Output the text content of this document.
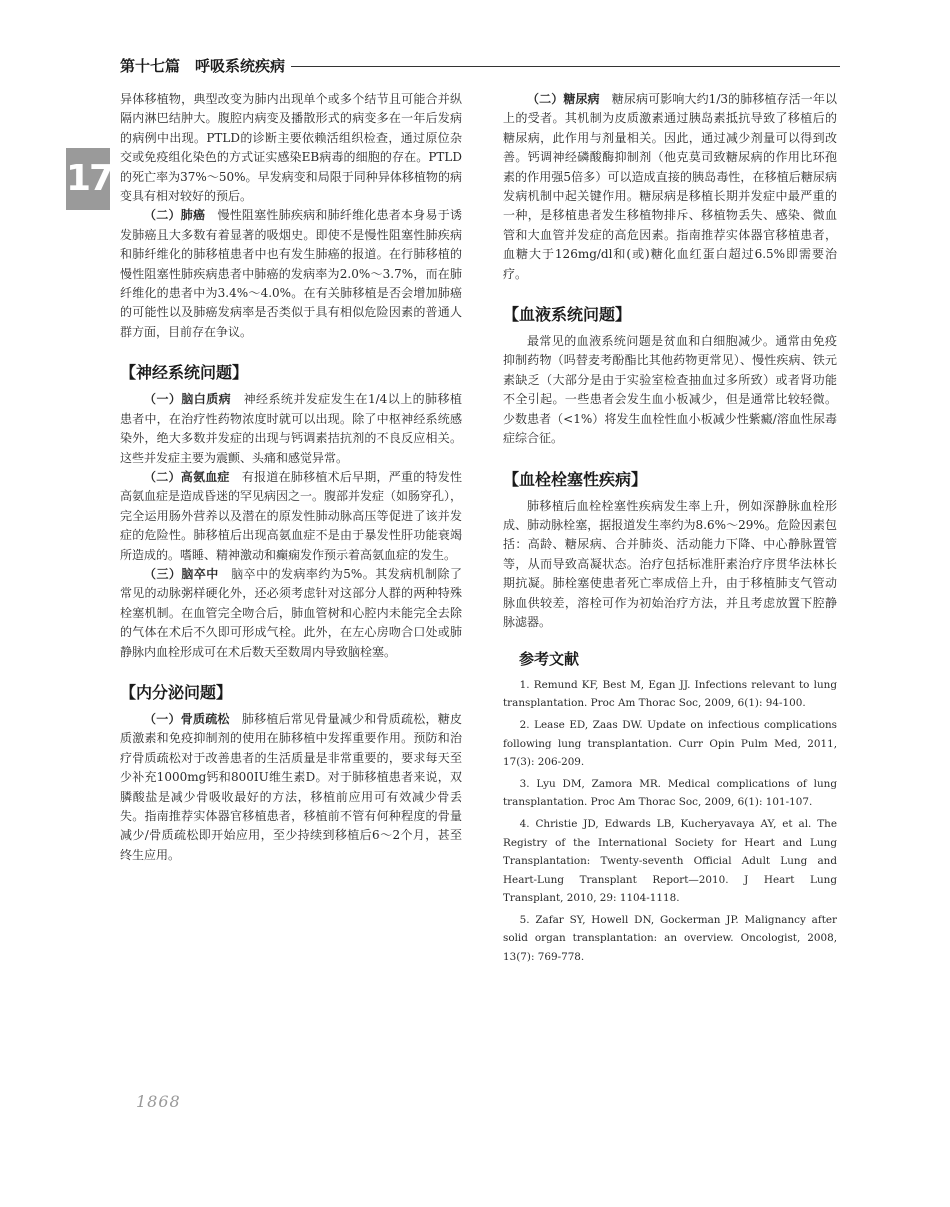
第十七篇　呼吸系统疾病
17

异体移植物，典型改变为肺内出现单个或多个结节且可能合并纵隔内淋巴结肿大。腹腔内病变及播散形式的病变多在一年后发病的病例中出现。PTLD的诊断主要依赖活组织检查，通过原位杂交或免疫组化染色的方式证实感染EB病毒的细胞的存在。PTLD的死亡率为37%～50%。早发病变和局限于同种异体移植物的病变具有相对较好的预后。

（二）肺癌　 慢性阻塞性肺疾病和肺纤维化患者本身易于诱发肺癌且大多数有着显著的吸烟史。即使不是慢性阻塞性肺疾病和肺纤维化的肺移植患者中也有发生肺癌的报道。在行肺移植的慢性阻塞性肺疾病患者中肺癌的发病率为2.0%～3.7%，而在肺纤维化的患者中为3.4%～4.0%。在有关肺移植是否会增加肺癌的可能性以及肺癌发病率是否类似于具有相似危险因素的普通人群方面，目前存在争议。

【神经系统问题】

（一）脑白质病　 神经系统并发症发生在1/4以上的肺移植患者中，在治疗性药物浓度时就可以出现。除了中枢神经系统感染外，绝大多数并发症的出现与钙调素拮抗剂的不良反应相关。这些并发症主要为震颤、头痛和感觉异常。

（二）高氨血症　 有报道在肺移植术后早期，严重的特发性高氨血症是造成昏迷的罕见病因之一。腹部并发症（如肠穿孔），完全运用肠外营养以及潜在的原发性肺动脉高压等促进了该并发症的危险性。肺移植后出现高氨血症不是由于暴发性肝功能衰竭所造成的。嗜睡、精神激动和癫痫发作预示着高氨血症的发生。

（三）脑卒中　 脑卒中的发病率约为5%。其发病机制除了常见的动脉粥样硬化外，还必须考虑针对这部分人群的两种特殊栓塞机制。在血管完全吻合后，肺血管树和心腔内未能完全去除的气体在术后不久即可形成气栓。此外，在左心房吻合口处或肺静脉内血栓形成可在术后数天至数周内导致脑栓塞。

【内分泌问题】

（一）骨质疏松　 肺移植后常见骨量减少和骨质疏松，糖皮质激素和免疫抑制剂的使用在肺移植中发挥重要作用。预防和治疗骨质疏松对于改善患者的生活质量是非常重要的，要求每天至少补充1000mg钙和800IU维生素D。对于肺移植患者来说，双膦酸盐是减少骨吸收最好的方法，移植前应用可有效减少骨丢失。指南推荐实体器官移植患者，移植前不管有何种程度的骨量减少/骨质疏松即开始应用，至少持续到移植后6～2个月，甚至终生应用。

（二）糖尿病　 糖尿病可影响大约1/3的肺移植存活一年以上的受者。其机制为皮质激素通过胰岛素抵抗导致了移植后的糖尿病，此作用与剂量相关。因此，通过减少剂量可以得到改善。钙调神经磷酸酶抑制剂（他克莫司致糖尿病的作用比环孢素的作用强5倍多）可以造成直接的胰岛毒性，在移植后糖尿病发病机制中起关键作用。糖尿病是移植长期并发症中最严重的一种，是移植患者发生移植物排斥、移植物丢失、感染、微血管和大血管并发症的高危因素。指南推荐实体器官移植患者，血糖大于126mg/dl和(或)糖化血红蛋白超过6.5%即需要治疗。

【血液系统问题】

最常见的血液系统问题是贫血和白细胞减少。通常由免疫抑制药物（吗替麦考酚酯比其他药物更常见）、慢性疾病、铁元素缺乏（大部分是由于实验室检查抽血过多所致）或者肾功能不全引起。一些患者会发生血小板减少，但是通常比较轻微。少数患者（<1%）将发生血栓性血小板减少性紫癜/溶血性尿毒症综合征。

【血栓栓塞性疾病】

肺移植后血栓栓塞性疾病发生率上升，例如深静脉血栓形成、肺动脉栓塞，据报道发生率约为8.6%～29%。危险因素包括：高龄、糖尿病、合并肺炎、活动能力下降、中心静脉置管等，从而导致高凝状态。治疗包括标准肝素治疗序贯华法林长期抗凝。肺栓塞使患者死亡率成倍上升，由于移植肺支气管动脉血供较差，溶栓可作为初始治疗方法，并且考虑放置下腔静脉滤器。

参考文献

1. Remund KF, Best M, Egan JJ. Infections relevant to lung transplantation. Proc Am Thorac Soc, 2009, 6(1): 94-100.

2. Lease ED, Zaas DW. Update on infectious complications following lung transplantation. Curr Opin Pulm Med, 2011, 17(3): 206-209.

3. Lyu DM, Zamora MR. Medical complications of lung transplantation. Proc Am Thorac Soc, 2009, 6(1): 101-107.

4. Christie JD, Edwards LB, Kucheryavaya AY, et al. The Registry of the International Society for Heart and Lung Transplantation: Twenty-seventh Official Adult Lung and Heart-Lung Transplant Report—2010. J Heart Lung Transplant, 2010, 29: 1104-1118.

5. Zafar SY, Howell DN, Gockerman JP. Malignancy after solid organ transplantation: an overview. Oncologist, 2008, 13(7): 769-778.

1868
